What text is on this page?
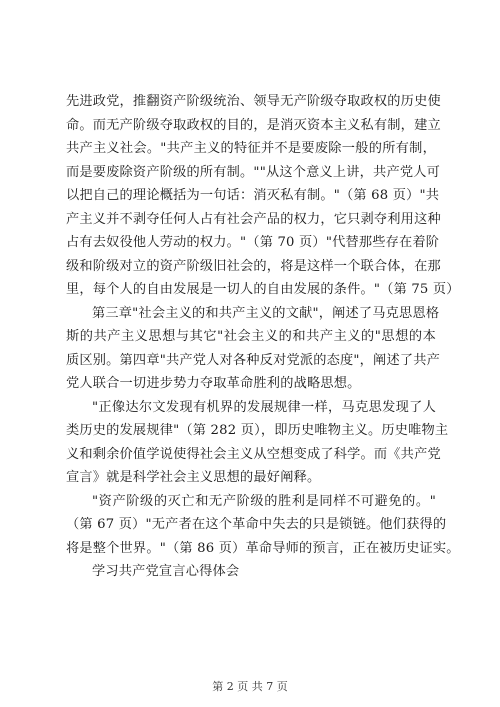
先进政党，推翻资产阶级统治、领导无产阶级夺取政权的历史使
命。而无产阶级夺取政权的目的，是消灭资本主义私有制，建立
共产主义社会。"共产主义的特征并不是要废除一般的所有制，
而是要废除资产阶级的所有制。""从这个意义上讲，共产党人可
以把自己的理论概括为一句话：消灭私有制。"（第 68 页）"共
产主义并不剥夺任何人占有社会产品的权力，它只剥夺利用这种
占有去奴役他人劳动的权力。"（第 70 页）"代替那些存在着阶
级和阶级对立的资产阶级旧社会的，将是这样一个联合体，在那
里，每个人的自由发展是一切人的自由发展的条件。"（第 75 页）
第三章"社会主义的和共产主义的文献"，阐述了马克思恩格
斯的共产主义思想与其它"社会主义的和共产主义的"思想的本
质区别。第四章"共产党人对各种反对党派的态度"，阐述了共产
党人联合一切进步势力夺取革命胜利的战略思想。
"正像达尔文发现有机界的发展规律一样，马克思发现了人
类历史的发展规律"（第 282 页），即历史唯物主义。历史唯物主
义和剩余价值学说使得社会主义从空想变成了科学。而《共产党
宣言》就是科学社会主义思想的最好阐释。
"资产阶级的灭亡和无产阶级的胜利是同样不可避免的。"
（第 67 页）"无产者在这个革命中失去的只是锁链。他们获得的
将是整个世界。"（第 86 页）革命导师的预言，正在被历史证实。
学习共产党宣言心得体会
第 2 页 共 7 页
